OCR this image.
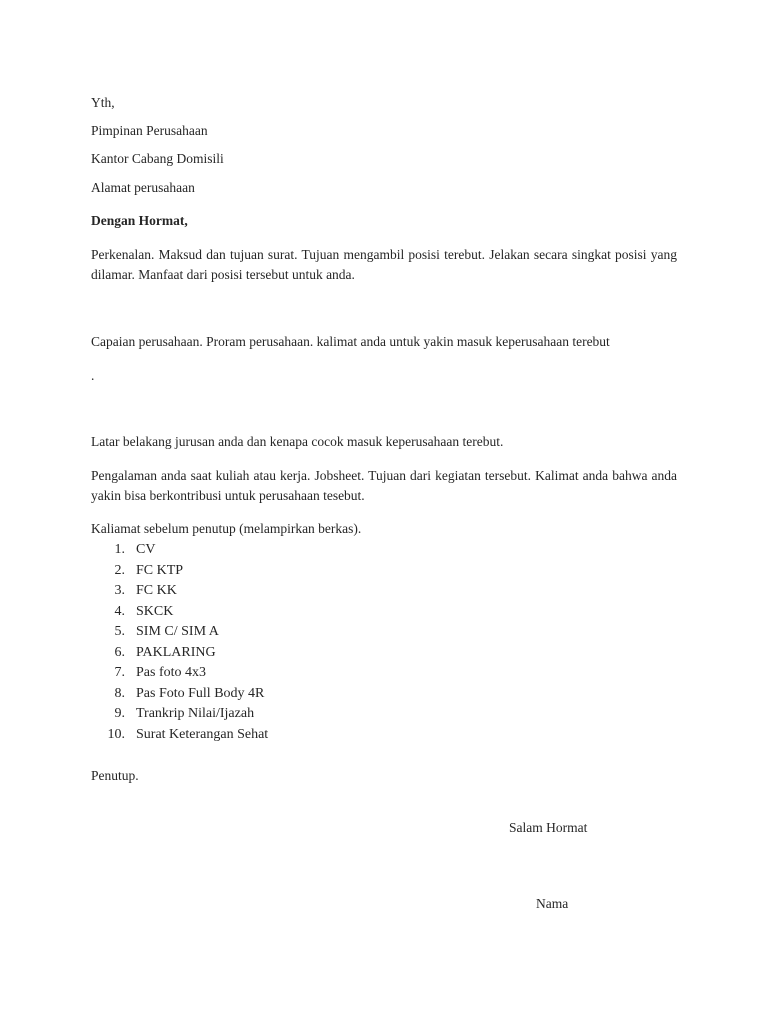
Yth,
Pimpinan Perusahaan
Kantor Cabang Domisili
Alamat perusahaan
Dengan Hormat,
Perkenalan. Maksud dan tujuan surat. Tujuan mengambil posisi terebut. Jelakan secara singkat posisi yang dilamar. Manfaat dari posisi tersebut untuk anda.
Capaian perusahaan. Proram perusahaan. kalimat anda untuk yakin masuk keperusahaan terebut
.
Latar belakang jurusan anda dan kenapa cocok masuk keperusahaan terebut.
Pengalaman anda saat kuliah atau kerja. Jobsheet. Tujuan dari kegiatan tersebut. Kalimat anda bahwa anda yakin bisa berkontribusi untuk perusahaan tesebut.
Kaliamat sebelum penutup (melampirkan berkas).
1. CV
2. FC KTP
3. FC KK
4. SKCK
5. SIM C/ SIM A
6. PAKLARING
7. Pas foto 4x3
8. Pas Foto Full Body 4R
9. Trankrip Nilai/Ijazah
10. Surat Keterangan Sehat
Penutup.
Salam Hormat
Nama
